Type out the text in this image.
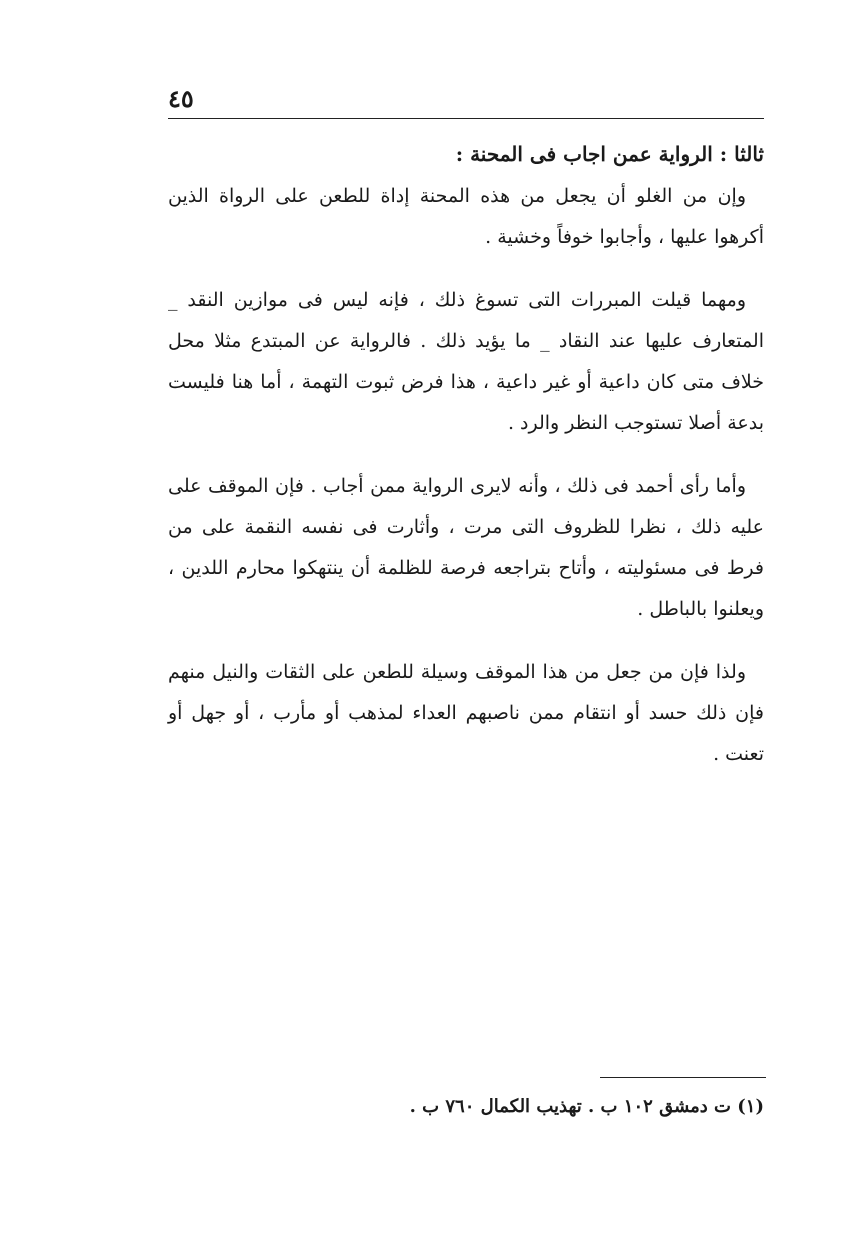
٤٥
ثالثا : الرواية عمن اجاب فى المحنة :

وإن من الغلو أن يجعل من هذه المحنة إداة للطعن على الرواة الذين أكرهوا عليها ، وأجابوا خوفاً وخشية .

ومهما قيلت المبررات التى تسوغ ذلك ، فإنه ليس فى موازين النقد _ المتعارف عليها عند النقاد _ ما يؤيد ذلك . فالرواية عن المبتدع مثلا محل خلاف متى كان داعية أو غير داعية ، هذا فرض ثبوت التهمة ، أما هنا فليست بدعة أصلا تستوجب النظر والرد .

وأما رأى أحمد فى ذلك ، وأنه لايرى الرواية ممن أجاب . فإن الموقف على عليه ذلك ، نظرا للظروف التى مرت ، وأثارت فى نفسه النقمة على من فرط فى مسئوليته ، وأتاح بتراجعه فرصة للظلمة أن ينتهكوا محارم اللدين ، ويعلنوا بالباطل .

ولذا فإن من جعل من هذا الموقف وسيلة للطعن على الثقات والنيل منهم فإن ذلك حسد أو انتقام ممن ناصبهم العداء لمذهب أو مأرب ، أو جهل أو تعنت .

(١) ت دمشق ١٠٢ ب . تهذيب الكمال ٧٦٠ ب .
